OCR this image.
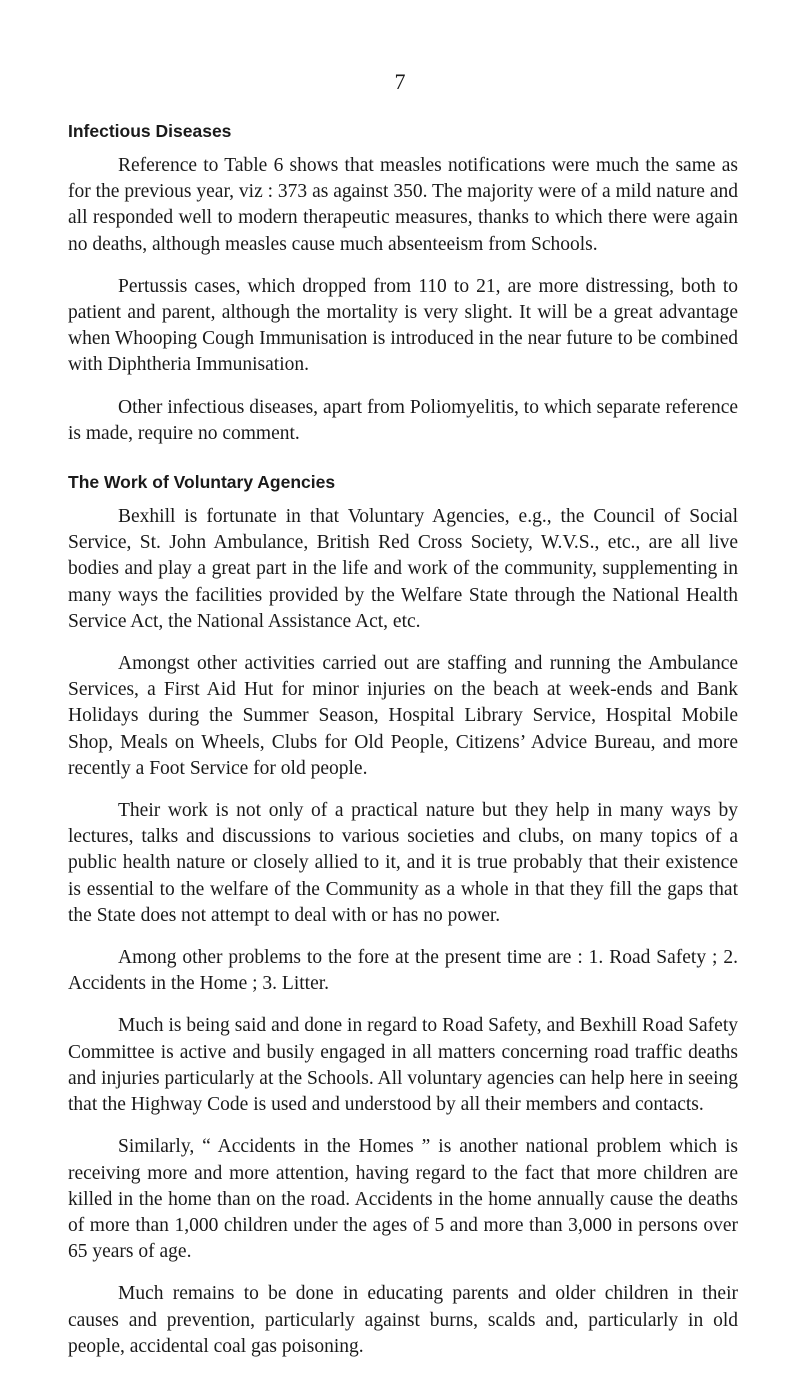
7
Infectious Diseases

Reference to Table 6 shows that measles notifications were much the same as for the previous year, viz : 373 as against 350. The majority were of a mild nature and all responded well to modern therapeutic measures, thanks to which there were again no deaths, although measles cause much absenteeism from Schools.

Pertussis cases, which dropped from 110 to 21, are more distressing, both to patient and parent, although the mortality is very slight. It will be a great advantage when Whooping Cough Immunisation is introduced in the near future to be combined with Diphtheria Immunisation.

Other infectious diseases, apart from Poliomyelitis, to which separate reference is made, require no comment.

The Work of Voluntary Agencies

Bexhill is fortunate in that Voluntary Agencies, e.g., the Council of Social Service, St. John Ambulance, British Red Cross Society, W.V.S., etc., are all live bodies and play a great part in the life and work of the community, supplementing in many ways the facilities provided by the Welfare State through the National Health Service Act, the National Assistance Act, etc.

Amongst other activities carried out are staffing and running the Ambulance Services, a First Aid Hut for minor injuries on the beach at week-ends and Bank Holidays during the Summer Season, Hospital Library Service, Hospital Mobile Shop, Meals on Wheels, Clubs for Old People, Citizens’ Advice Bureau, and more recently a Foot Service for old people.

Their work is not only of a practical nature but they help in many ways by lectures, talks and discussions to various societies and clubs, on many topics of a public health nature or closely allied to it, and it is true probably that their existence is essential to the welfare of the Community as a whole in that they fill the gaps that the State does not attempt to deal with or has no power.

Among other problems to the fore at the present time are : 1. Road Safety ; 2. Accidents in the Home ; 3. Litter.

Much is being said and done in regard to Road Safety, and Bexhill Road Safety Committee is active and busily engaged in all matters concerning road traffic deaths and injuries particularly at the Schools. All voluntary agencies can help here in seeing that the Highway Code is used and understood by all their members and contacts.

Similarly, “ Accidents in the Homes ” is another national problem which is receiving more and more attention, having regard to the fact that more children are killed in the home than on the road. Accidents in the home annually cause the deaths of more than 1,000 children under the ages of 5 and more than 3,000 in persons over 65 years of age.

Much remains to be done in educating parents and older children in their causes and prevention, particularly against burns, scalds and, particularly in old people, accidental coal gas poisoning.
